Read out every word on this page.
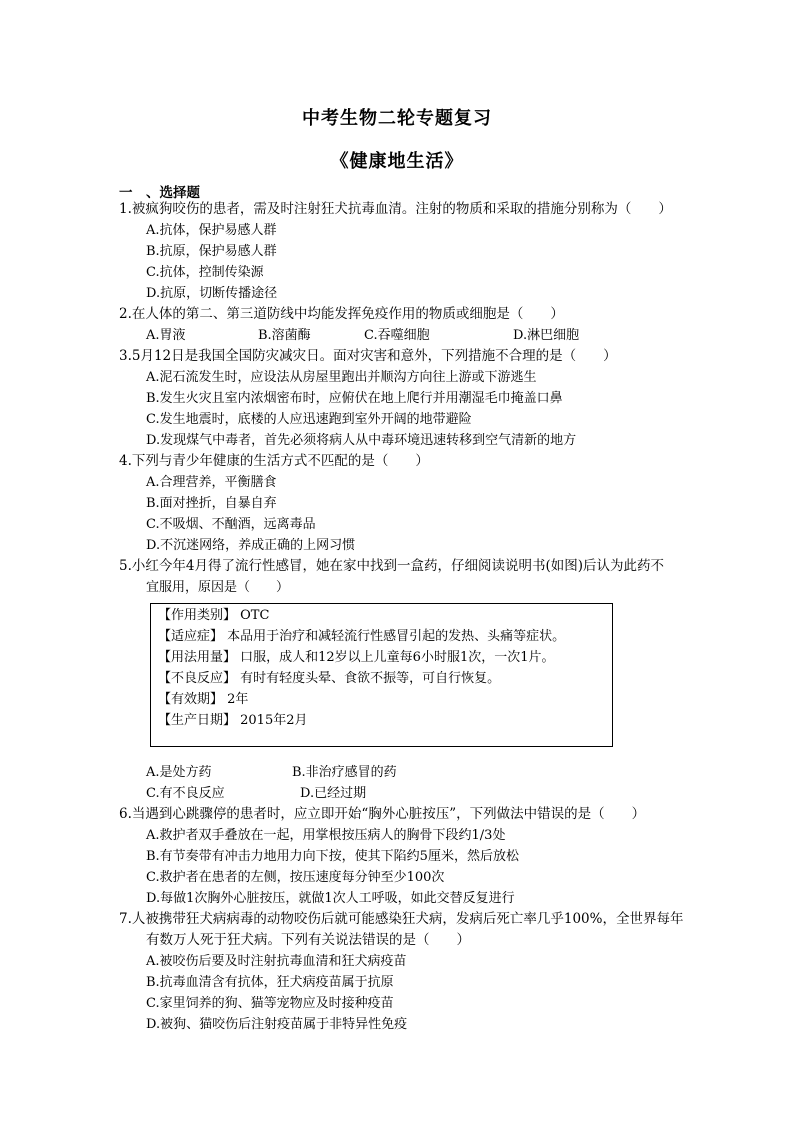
中考生物二轮专题复习
《健康地生活》
一　、选择题
1.被疯狗咬伤的患者，需及时注射狂犬抗毒血清。注射的物质和采取的措施分别称为（　　）
A.抗体，保护易感人群
B.抗原，保护易感人群
C.抗体，控制传染源
D.抗原，切断传播途径
2.在人体的第二、第三道防线中均能发挥免疫作用的物质或细胞是（　　）
A.胃液	B.溶菌酶	C.吞噬细胞	D.淋巴细胞
3.5月12日是我国全国防灾减灾日。面对灾害和意外，下列措施不合理的是（　　）
A.泥石流发生时，应设法从房屋里跑出并顺沟方向往上游或下游逃生
B.发生火灾且室内浓烟密布时，应俯伏在地上爬行并用潮湿毛巾掩盖口鼻
C.发生地震时，底楼的人应迅速跑到室外开阔的地带避险
D.发现煤气中毒者，首先必须将病人从中毒环境迅速转移到空气清新的地方
4.下列与青少年健康的生活方式不匹配的是（　　）
A.合理营养，平衡膳食
B.面对挫折，自暴自弃
C.不吸烟、不酗酒，远离毒品
D.不沉迷网络，养成正确的上网习惯
5.小红今年4月得了流行性感冒，她在家中找到一盒药，仔细阅读说明书(如图)后认为此药不
宜服用，原因是（　　）
【作用类别】 OTC
【适应症】 本品用于治疗和减轻流行性感冒引起的发热、头痛等症状。
【用法用量】 口服，成人和12岁以上儿童每6小时服1次，一次1片。
【不良反应】 有时有轻度头晕、食欲不振等，可自行恢复。
【有效期】 2年
【生产日期】 2015年2月
A.是处方药	B.非治疗感冒的药
C.有不良反应	D.已经过期
6.当遇到心跳骤停的患者时，应立即开始“胸外心脏按压”，下列做法中错误的是（　　）
A.救护者双手叠放在一起，用掌根按压病人的胸骨下段约1/3处
B.有节奏带有冲击力地用力向下按，使其下陷约5厘米，然后放松
C.救护者在患者的左侧，按压速度每分钟至少100次
D.每做1次胸外心脏按压，就做1次人工呼吸，如此交替反复进行
7.人被携带狂犬病病毒的动物咬伤后就可能感染狂犬病，发病后死亡率几乎100%，全世界每年
有数万人死于狂犬病。下列有关说法错误的是（　　）
A.被咬伤后要及时注射抗毒血清和狂犬病疫苗
B.抗毒血清含有抗体，狂犬病疫苗属于抗原
C.家里饲养的狗、猫等宠物应及时接种疫苗
D.被狗、猫咬伤后注射疫苗属于非特异性免疫
